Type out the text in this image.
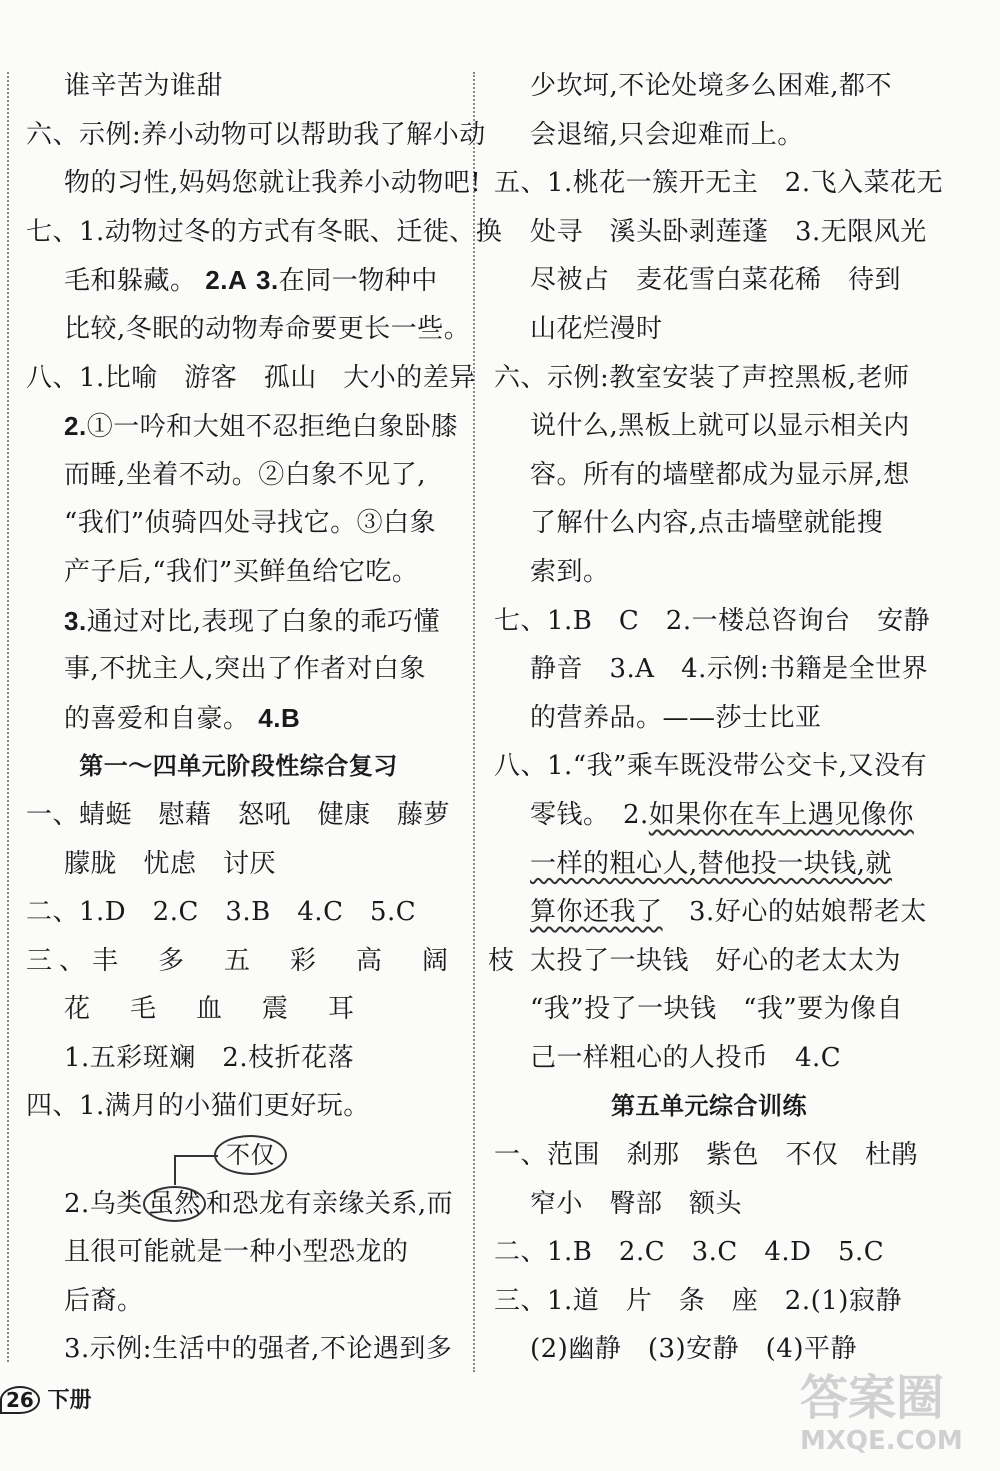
谁辛苦为谁甜
六、示例:养小动物可以帮助我了解小动
物的习性,妈妈您就让我养小动物吧!
七、1.动物过冬的方式有冬眠、迁徙、换
毛和躲藏。 2.A 3.在同一物种中
比较,冬眠的动物寿命要更长一些。
八、1.比喻　游客　孤山　大小的差异
2.①一吟和大姐不忍拒绝白象卧膝
而睡,坐着不动。②白象不见了,
“我们”侦骑四处寻找它。③白象
产子后,“我们”买鲜鱼给它吃。
3.通过对比,表现了白象的乖巧懂
事,不扰主人,突出了作者对白象
的喜爱和自豪。 4.B
第一～四单元阶段性综合复习
一、蜻蜓　慰藉　怒吼　健康　藤萝
朦胧　忧虑　讨厌
二、1.D　2.C　3.B　4.C　5.C
三、丰　多　五　彩　高　阔　枝
花　毛　血　震　耳
1.五彩斑斓　2.枝折花落
四、1.满月的小猫们更好玩。
不仅
2.乌类 虽然 和恐龙有亲缘关系,而
且很可能就是一种小型恐龙的
后裔。
3.示例:生活中的强者,不论遇到多
少坎坷,不论处境多么困难,都不
会退缩,只会迎难而上。
五、1.桃花一簇开无主　2.飞入菜花无
处寻　溪头卧剥莲蓬　3.无限风光
尽被占　麦花雪白菜花稀　待到
山花烂漫时
六、示例:教室安装了声控黑板,老师
说什么,黑板上就可以显示相关内
容。所有的墙壁都成为显示屏,想
了解什么内容,点击墙壁就能搜
索到。
七、1.B　C　2.一楼总咨询台　安静
静音　3.A　4.示例:书籍是全世界
的营养品。——莎士比亚
八、1.“我”乘车既没带公交卡,又没有
零钱。　2.如果你在车上遇见像你
一样的粗心人,替他投一块钱,就
算你还我了　3.好心的姑娘帮老太
太投了一块钱　好心的老太太为
“我”投了一块钱　“我”要为像自
己一样粗心的人投币　4.C
第五单元综合训练
一、范围　刹那　紫色　不仅　杜鹃
窄小　臀部　额头
二、1.B　2.C　3.C　4.D　5.C
三、1.道　片　条　座　2.(1)寂静
(2)幽静　(3)安静　(4)平静
26 下册	答案圈
MXQE.COM
